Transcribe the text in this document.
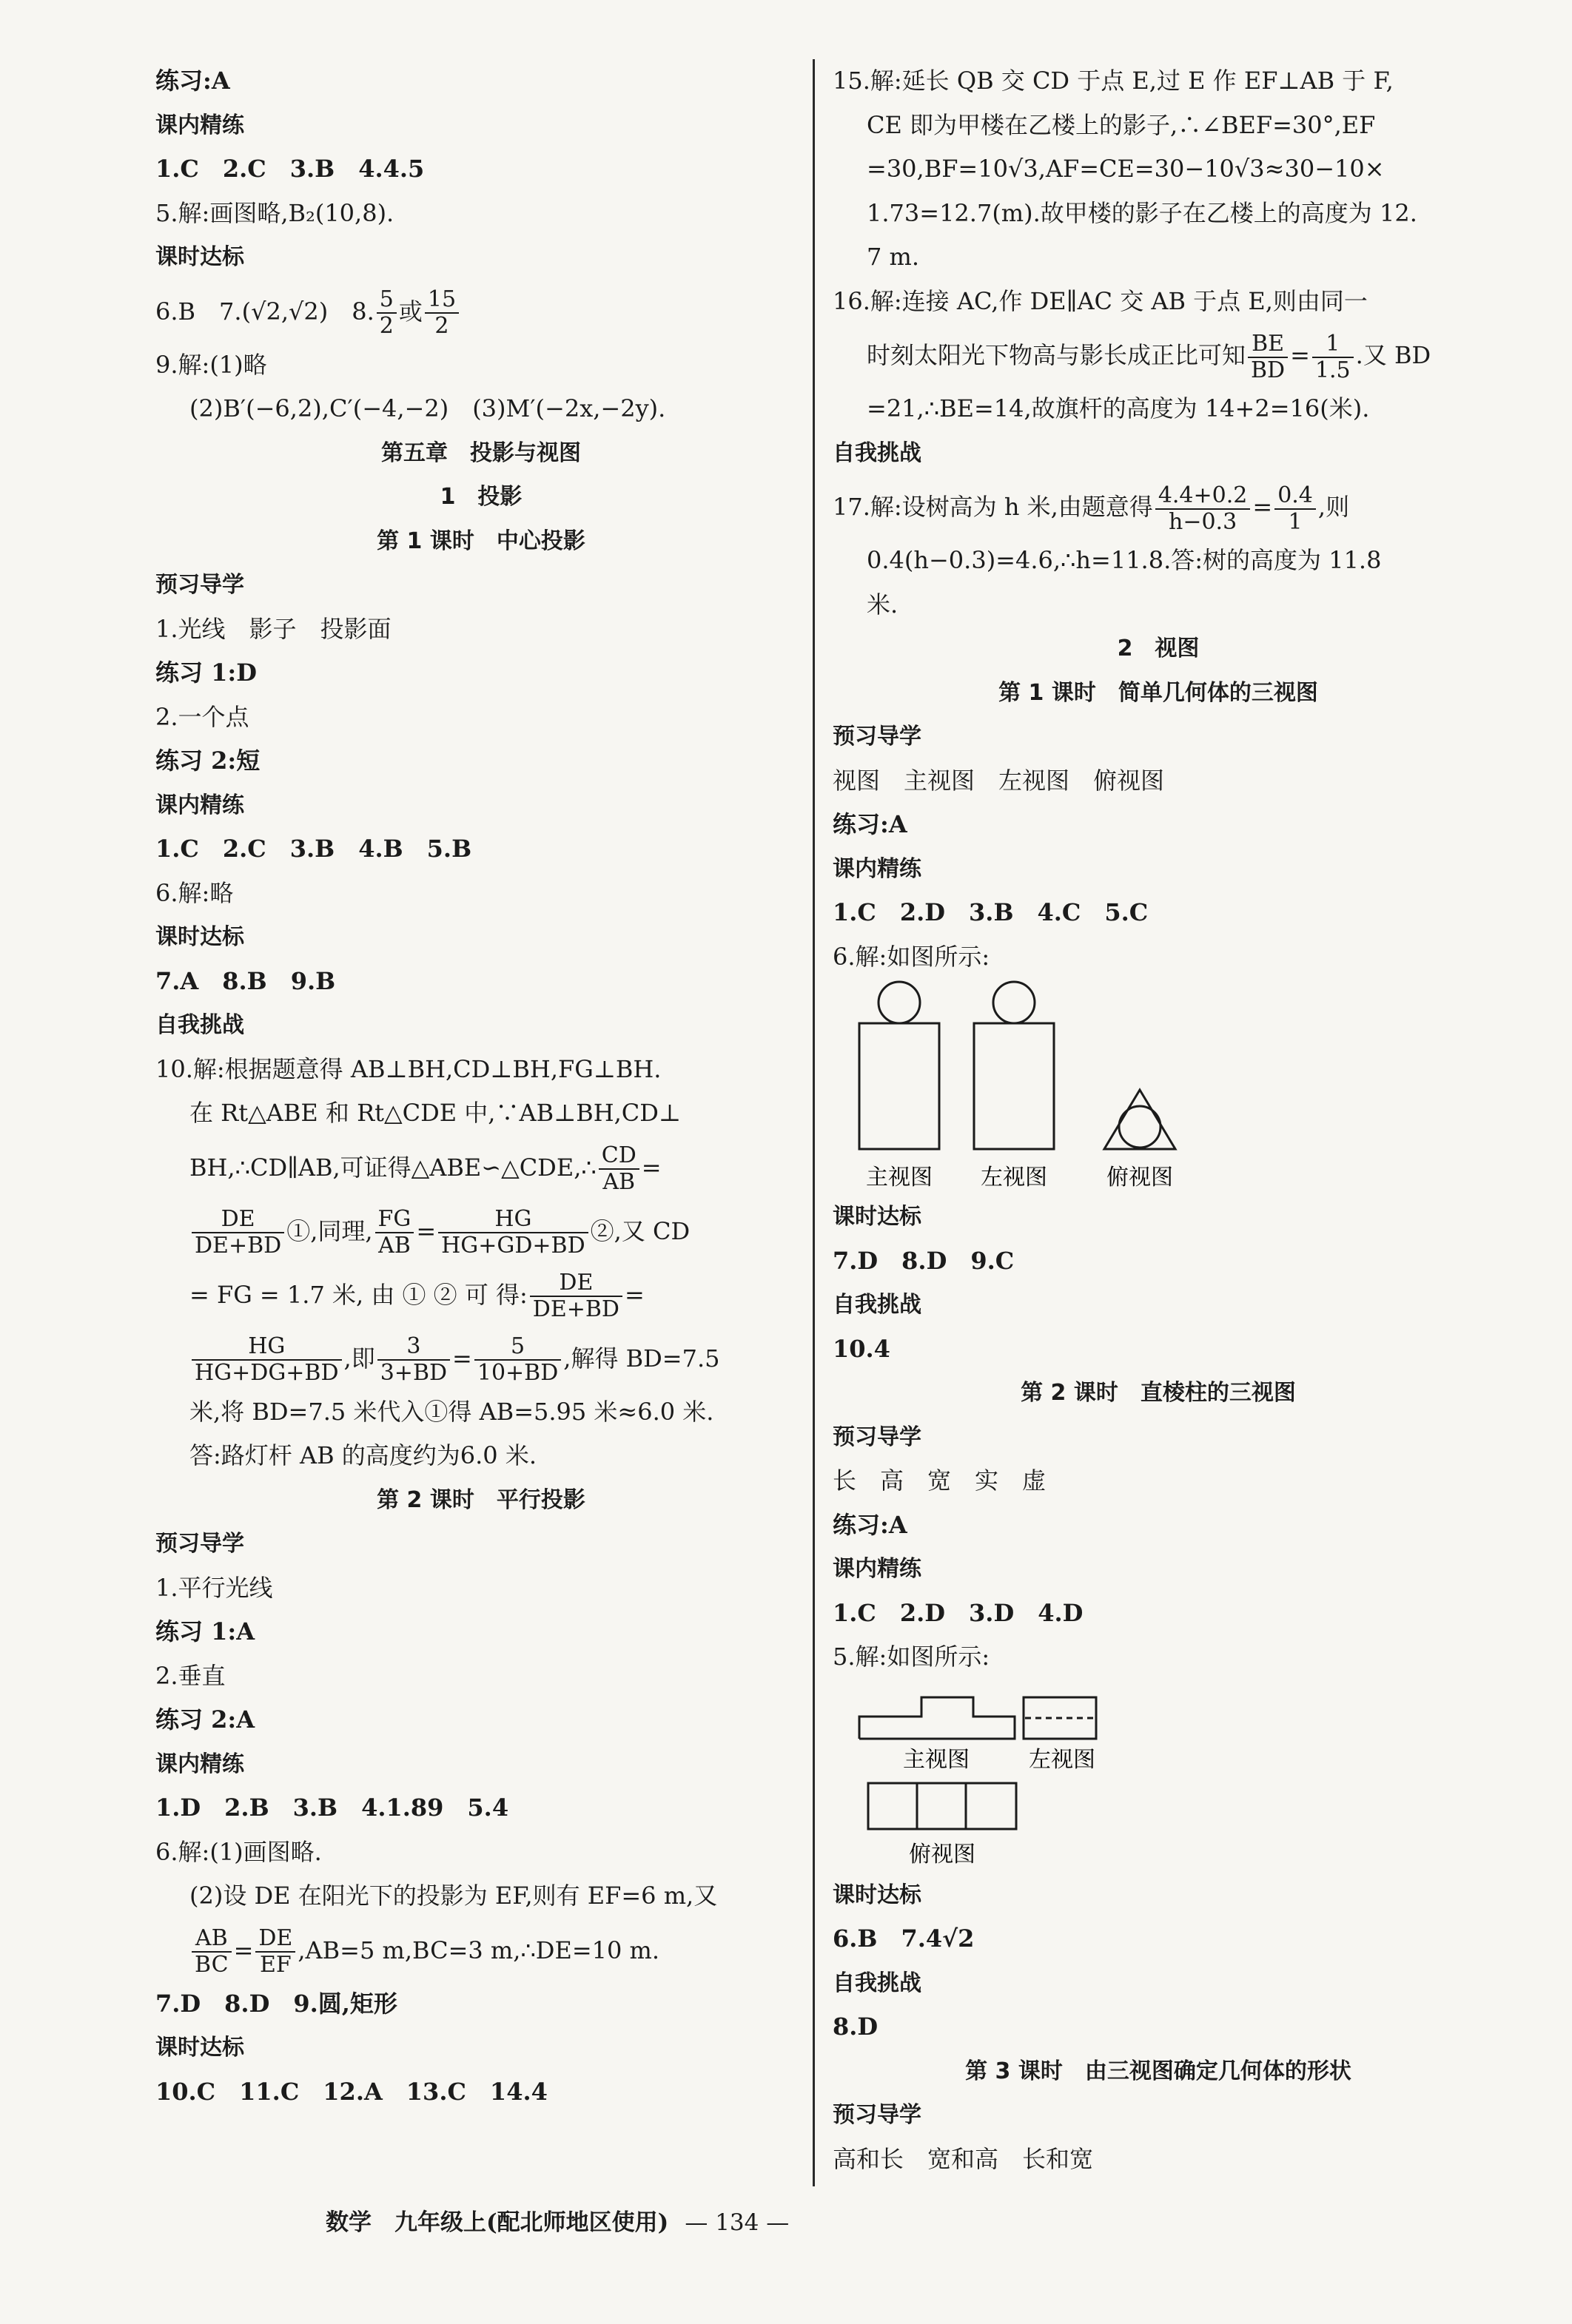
练习:A
课内精练
1.C　2.C　3.B　4.4.5
5.解:画图略,B₂(10,8).
课时达标
6.B　7.(√2,√2)　8. $\frac{5}{2}$ 或 $\frac{15}{2}$
9.解:(1)略
(2)B′(−6,2),C′(−4,−2)　(3)M′(−2x,−2y).
第五章　投影与视图
1　投影
第 1 课时　中心投影
预习导学
1.光线　影子　投影面
练习 1:D
2.一个点
练习 2:短
课内精练
1.C　2.C　3.B　4.B　5.B
6.解:略
课时达标
7.A　8.B　9.B
自我挑战
10.解:根据题意得 AB⊥BH,CD⊥BH,FG⊥BH.
在 Rt△ABE 和 Rt△CDE 中,∵AB⊥BH,CD⊥
BH,∴CD∥AB,可证得△ABE∽△CDE,∴ $\frac{CD}{AB}$ =
$\frac{DE}{DE+BD}$ ①,同理, $\frac{FG}{AB} = \frac{HG}{HG+GD+BD}$ ②,又 CD
= FG = 1.7 米, 由 ① ② 可 得: $\frac{DE}{DE+BD}$ =
$\frac{HG}{HG+DG+BD}$ ,即 $\frac{3}{3+BD} = \frac{5}{10+BD}$ ,解得 BD=7.5
米,将 BD=7.5 米代入①得 AB=5.95 米≈6.0 米.
答:路灯杆 AB 的高度约为6.0 米.
第 2 课时　平行投影
预习导学
1.平行光线
练习 1:A
2.垂直
练习 2:A
课内精练
1.D　2.B　3.B　4.1.89　5.4
6.解:(1)画图略.
(2)设 DE 在阳光下的投影为 EF,则有 EF=6 m,又
$\frac{AB}{BC} = \frac{DE}{EF} ,AB=5$ m,BC=3 m,∴DE=10 m.
7.D　8.D　9.圆,矩形
课时达标
10.C　11.C　12.A　13.C　14.4
15.解:延长 QB 交 CD 于点 E,过 E 作 EF⊥AB 于 F,
CE 即为甲楼在乙楼上的影子,∴∠BEF=30°,EF
=30,BF=10√3,AF=CE=30−10√3≈30−10×
1.73=12.7(m).故甲楼的影子在乙楼上的高度为 12.
7 m.
16.解:连接 AC,作 DE∥AC 交 AB 于点 E,则由同一
时刻太阳光下物高与影长成正比可知 $\frac{BE}{BD} = \frac{1}{1.5}$ .又 BD
=21,∴BE=14,故旗杆的高度为 14+2=16(米).
自我挑战
17.解:设树高为 h 米,由题意得 $\frac{4.4+0.2}{h-0.3} = \frac{0.4}{1}$ ,则
0.4(h−0.3)=4.6,∴h=11.8.答:树的高度为 11.8
米.
2　视图
第 1 课时　简单几何体的三视图
预习导学
视图　主视图　左视图　俯视图
练习:A
课内精练
1.C　2.D　3.B　4.C　5.C
6.解:如图所示:
主视图 左视图	俯视图
课时达标
7.D　8.D　9.C
自我挑战
10.4
第 2 课时　直棱柱的三视图
预习导学
长　高　宽　实　虚
练习:A
课内精练
1.C　2.D　3.D　4.D
5.解:如图所示:
主视图	左视图
俯视图
课时达标
6.B　7.4√2
自我挑战
8.D
第 3 课时　由三视图确定几何体的形状
预习导学
高和长　宽和高　长和宽
数学　九年级上(配北师地区使用) — 134 —
